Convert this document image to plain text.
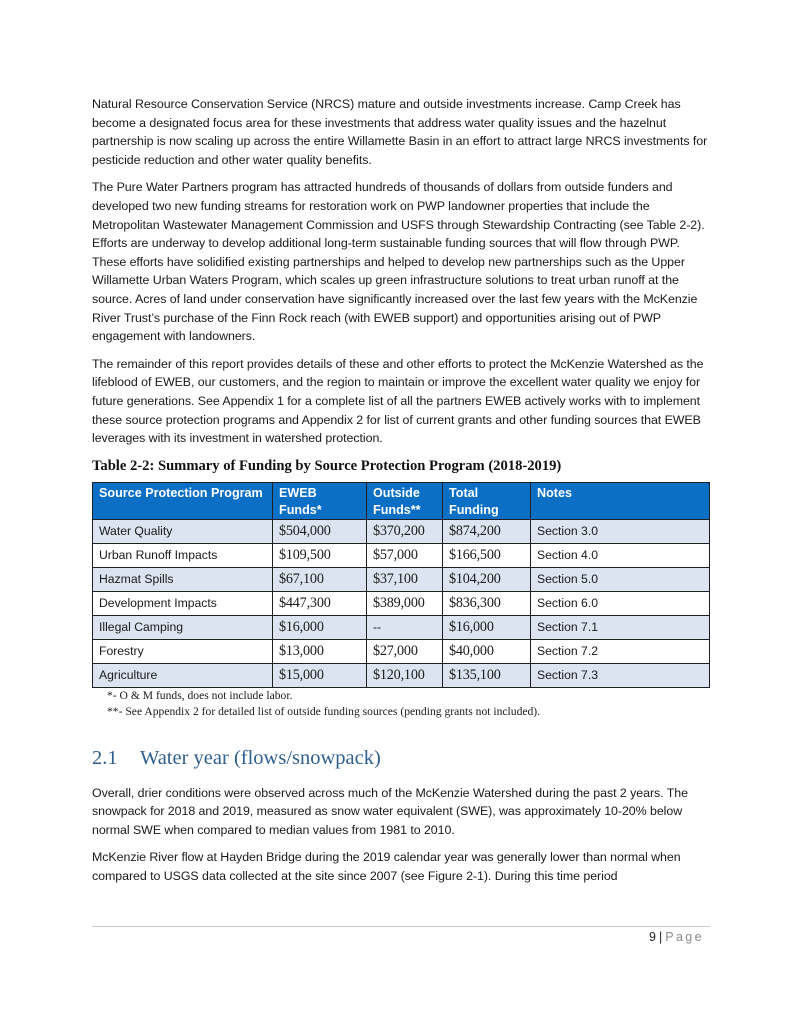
Natural Resource Conservation Service (NRCS) mature and outside investments increase. Camp Creek has become a designated focus area for these investments that address water quality issues and the hazelnut partnership is now scaling up across the entire Willamette Basin in an effort to attract large NRCS investments for pesticide reduction and other water quality benefits.

The Pure Water Partners program has attracted hundreds of thousands of dollars from outside funders and developed two new funding streams for restoration work on PWP landowner properties that include the Metropolitan Wastewater Management Commission and USFS through Stewardship Contracting (see Table 2-2). Efforts are underway to develop additional long-term sustainable funding sources that will flow through PWP. These efforts have solidified existing partnerships and helped to develop new partnerships such as the Upper Willamette Urban Waters Program, which scales up green infrastructure solutions to treat urban runoff at the source. Acres of land under conservation have significantly increased over the last few years with the McKenzie River Trust’s purchase of the Finn Rock reach (with EWEB support) and opportunities arising out of PWP engagement with landowners.

The remainder of this report provides details of these and other efforts to protect the McKenzie Watershed as the lifeblood of EWEB, our customers, and the region to maintain or improve the excellent water quality we enjoy for future generations. See Appendix 1 for a complete list of all the partners EWEB actively works with to implement these source protection programs and Appendix 2 for list of current grants and other funding sources that EWEB leverages with its investment in watershed protection.

Table 2-2: Summary of Funding by Source Protection Program (2018-2019)
Source Protection Program	EWEB Funds*	Outside Funds**	Total Funding	Notes
Water Quality	$504,000	$370,200	$874,200	Section 3.0
Urban Runoff Impacts	$109,500	$57,000	$166,500	Section 4.0
Hazmat Spills	$67,100	$37,100	$104,200	Section 5.0
Development Impacts	$447,300	$389,000	$836,300	Section 6.0
Illegal Camping	$16,000	--	$16,000	Section 7.1
Forestry	$13,000	$27,000	$40,000	Section 7.2
Agriculture	$15,000	$120,100	$135,100	Section 7.3

*- O & M funds, does not include labor.

**- See Appendix 2 for detailed list of outside funding sources (pending grants not included).

2.1 Water year (flows/snowpack)

Overall, drier conditions were observed across much of the McKenzie Watershed during the past 2 years. The snowpack for 2018 and 2019, measured as snow water equivalent (SWE), was approximately 10-20% below normal SWE when compared to median values from 1981 to 2010.

McKenzie River flow at Hayden Bridge during the 2019 calendar year was generally lower than normal when compared to USGS data collected at the site since 2007 (see Figure 2-1). During this time period

9 | Page
